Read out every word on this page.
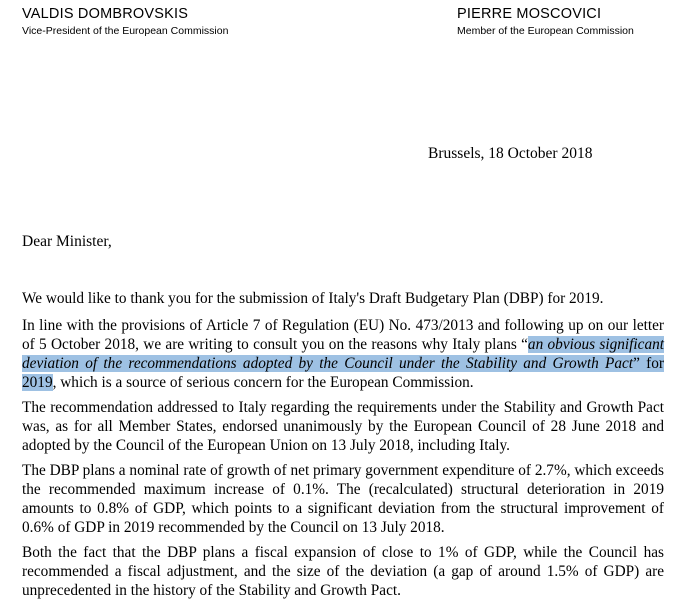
VALDIS DOMBROVSKIS
Vice-President of the European Commission
PIERRE MOSCOVICI
Member of the European Commission
Brussels, 18 October 2018
Dear Minister,
We would like to thank you for the submission of Italy's Draft Budgetary Plan (DBP) for 2019.
In line with the provisions of Article 7 of Regulation (EU) No. 473/2013 and following up on our letter of 5 October 2018, we are writing to consult you on the reasons why Italy plans “an obvious significant deviation of the recommendations adopted by the Council under the Stability and Growth Pact” for 2019, which is a source of serious concern for the European Commission.
The recommendation addressed to Italy regarding the requirements under the Stability and Growth Pact was, as for all Member States, endorsed unanimously by the European Council of 28 June 2018 and adopted by the Council of the European Union on 13 July 2018, including Italy.
The DBP plans a nominal rate of growth of net primary government expenditure of 2.7%, which exceeds the recommended maximum increase of 0.1%. The (recalculated) structural deterioration in 2019 amounts to 0.8% of GDP, which points to a significant deviation from the structural improvement of 0.6% of GDP in 2019 recommended by the Council on 13 July 2018.
Both the fact that the DBP plans a fiscal expansion of close to 1% of GDP, while the Council has recommended a fiscal adjustment, and the size of the deviation (a gap of around 1.5% of GDP) are unprecedented in the history of the Stability and Growth Pact.
